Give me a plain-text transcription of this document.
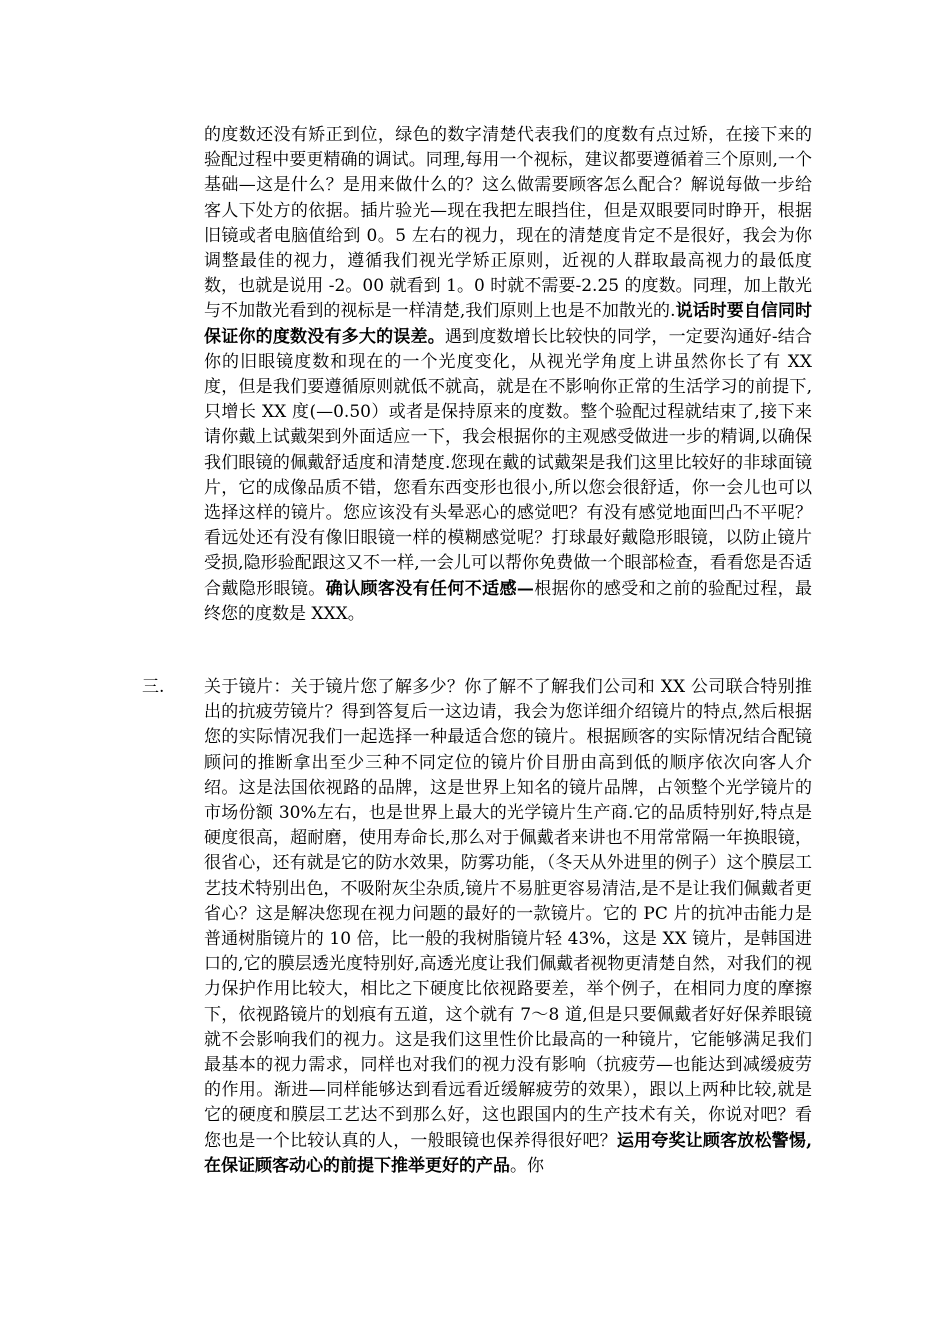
的度数还没有矫正到位，绿色的数字清楚代表我们的度数有点过矫，在接下来的验配过程中要更精确的调试。同理,每用一个视标，建议都要遵循着三个原则,一个基础—这是什么？是用来做什么的？这么做需要顾客怎么配合？解说每做一步给客人下处方的依据。插片验光—现在我把左眼挡住，但是双眼要同时睁开，根据旧镜或者电脑值给到 0。5 左右的视力，现在的清楚度肯定不是很好，我会为你调整最佳的视力，遵循我们视光学矫正原则，近视的人群取最高视力的最低度数，也就是说用 -2。00 就看到 1。0 时就不需要-2.25 的度数。同理，加上散光与不加散光看到的视标是一样清楚,我们原则上也是不加散光的.说话时要自信同时保证你的度数没有多大的误差。遇到度数增长比较快的同学，一定要沟通好-结合你的旧眼镜度数和现在的一个光度变化，从视光学角度上讲虽然你长了有 XX 度，但是我们要遵循原则就低不就高，就是在不影响你正常的生活学习的前提下,只增长 XX 度(—0.50）或者是保持原来的度数。整个验配过程就结束了,接下来请你戴上试戴架到外面适应一下，我会根据你的主观感受做进一步的精调,以确保我们眼镜的佩戴舒适度和清楚度.您现在戴的试戴架是我们这里比较好的非球面镜片，它的成像品质不错，您看东西变形也很小,所以您会很舒适，你一会儿也可以选择这样的镜片。您应该没有头晕恶心的感觉吧？有没有感觉地面凹凸不平呢？看远处还有没有像旧眼镜一样的模糊感觉呢？打球最好戴隐形眼镜，以防止镜片受损,隐形验配跟这又不一样,一会儿可以帮你免费做一个眼部检查，看看您是否适合戴隐形眼镜。确认顾客没有任何不适感—根据你的感受和之前的验配过程，最终您的度数是 XXX。
三. 关于镜片：关于镜片您了解多少？你了解不了解我们公司和 XX 公司联合特别推出的抗疲劳镜片？得到答复后一这边请，我会为您详细介绍镜片的特点,然后根据您的实际情况我们一起选择一种最适合您的镜片。根据顾客的实际情况结合配镜顾问的推断拿出至少三种不同定位的镜片价目册由高到低的顺序依次向客人介绍。这是法国依视路的品牌，这是世界上知名的镜片品牌，占领整个光学镜片的市场份额 30%左右，也是世界上最大的光学镜片生产商.它的品质特别好,特点是硬度很高，超耐磨，使用寿命长,那么对于佩戴者来讲也不用常常隔一年换眼镜，很省心，还有就是它的防水效果，防雾功能，（冬天从外进里的例子）这个膜层工艺技术特别出色，不吸附灰尘杂质,镜片不易脏更容易清洁,是不是让我们佩戴者更省心？这是解决您现在视力问题的最好的一款镜片。它的 PC 片的抗冲击能力是普通树脂镜片的 10 倍，比一般的我树脂镜片轻 43%，这是 XX 镜片，是韩国进口的,它的膜层透光度特别好,高透光度让我们佩戴者视物更清楚自然，对我们的视力保护作用比较大，相比之下硬度比依视路要差，举个例子，在相同力度的摩擦下，依视路镜片的划痕有五道，这个就有 7～8 道,但是只要佩戴者好好保养眼镜就不会影响我们的视力。这是我们这里性价比最高的一种镜片，它能够满足我们最基本的视力需求，同样也对我们的视力没有影响（抗疲劳—也能达到减缓疲劳的作用。渐进—同样能够达到看远看近缓解疲劳的效果），跟以上两种比较,就是它的硬度和膜层工艺达不到那么好，这也跟国内的生产技术有关，你说对吧？看您也是一个比较认真的人，一般眼镜也保养得很好吧？运用夸奖让顾客放松警惕,在保证顾客动心的前提下推举更好的产品。你
